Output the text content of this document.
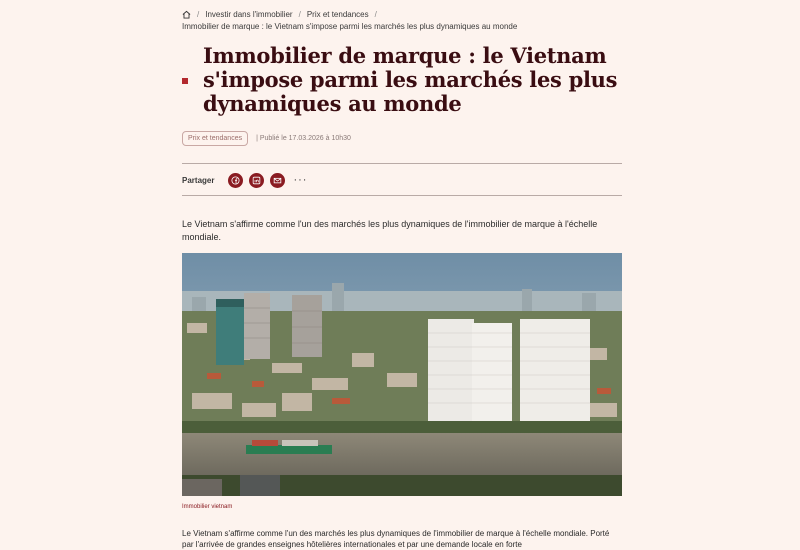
/ Investir dans l'immobilier / Prix et tendances /
Immobilier de marque : le Vietnam s'impose parmi les marchés les plus dynamiques au monde
Immobilier de marque : le Vietnam s'impose parmi les marchés les plus dynamiques au monde
Prix et tendances	| Publié le 17.03.2026 à 10h30
Partager	···

Le Vietnam s'affirme comme l'un des marchés les plus dynamiques de l'immobilier de marque à l'échelle mondiale.

Immobilier vietnam

Le Vietnam s'affirme comme l'un des marchés les plus dynamiques de l'immobilier de marque à l'échelle mondiale. Porté par l'arrivée de grandes enseignes hôtelières internationales et par une demande locale en forte
